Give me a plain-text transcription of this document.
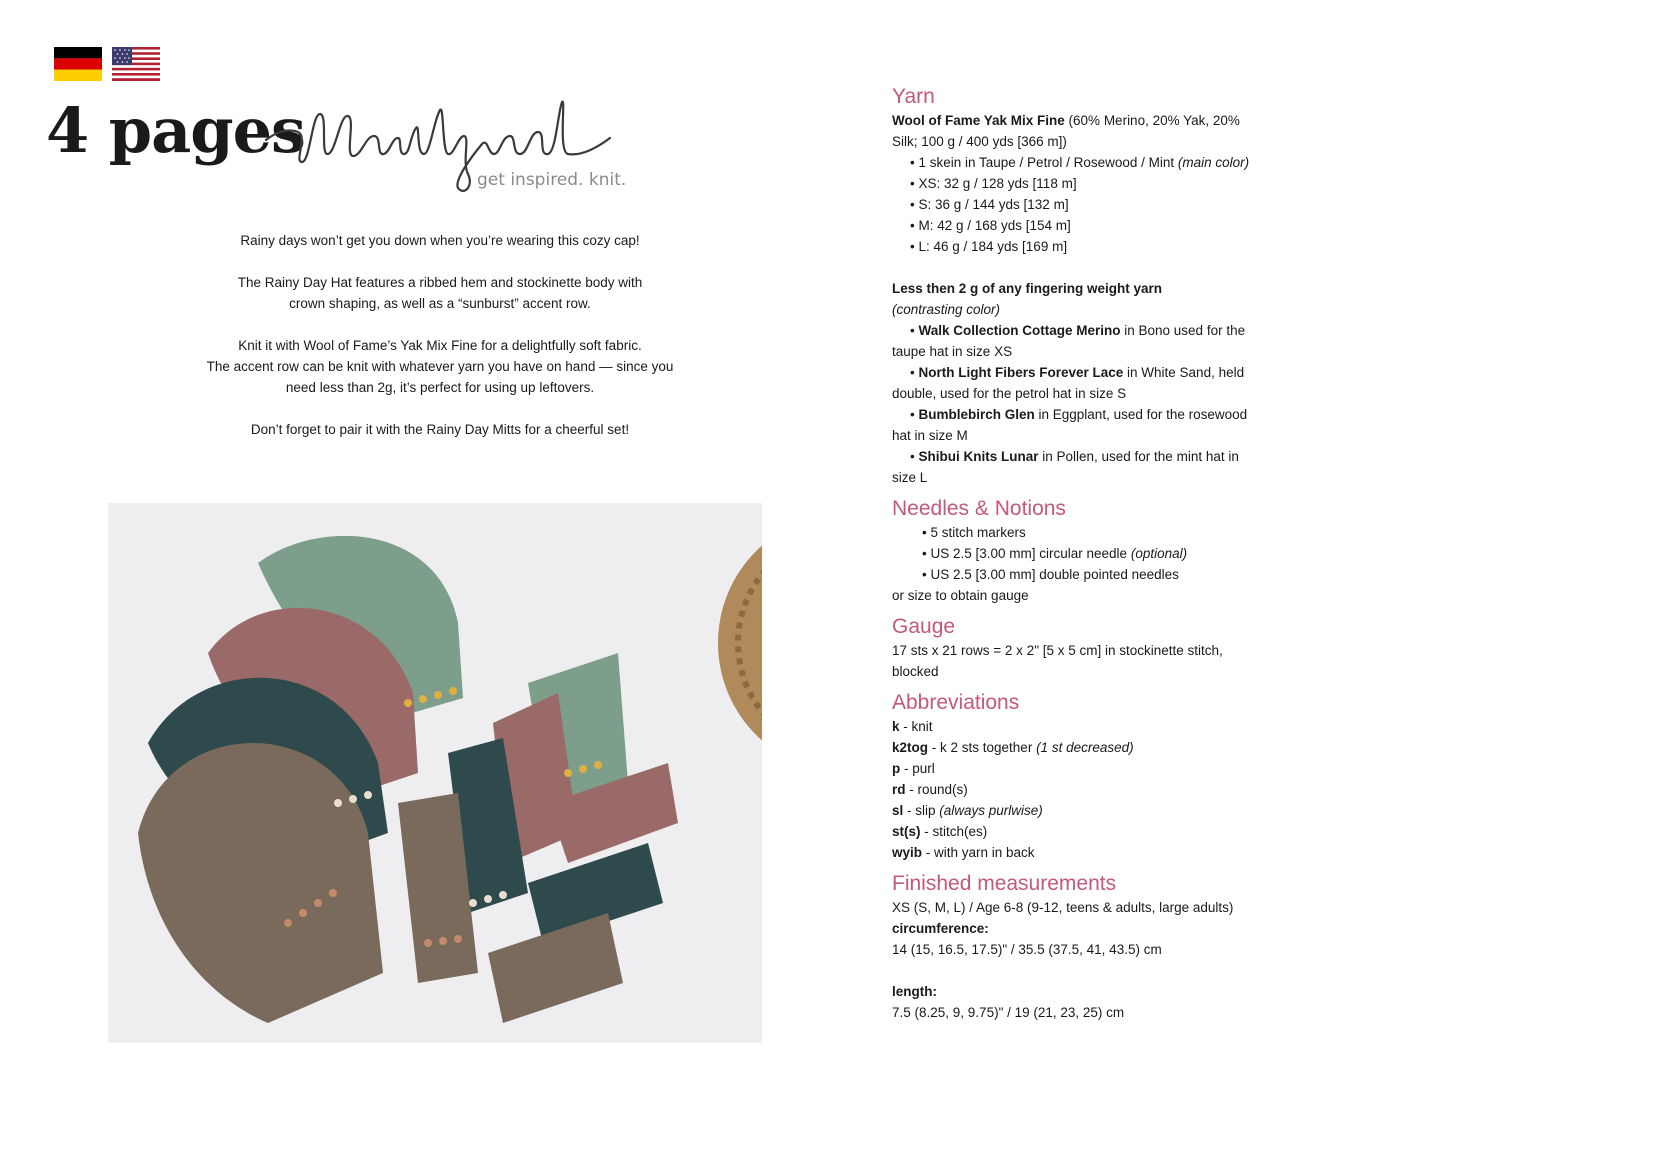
4 pages
get inspired. knit.

Rainy days won’t get you down when you’re wearing this cozy cap!

The Rainy Day Hat features a ribbed hem and stockinette body with
crown shaping, as well as a “sunburst” accent row.

Knit it with Wool of Fame’s Yak Mix Fine for a delightfully soft fabric.
The accent row can be knit with whatever yarn you have on hand — since you
need less than 2g, it’s perfect for using up leftovers.

Don’t forget to pair it with the Rainy Day Mitts for a cheerful set!

Yarn

Wool of Fame Yak Mix Fine (60% Merino, 20% Yak, 20% Silk; 100 g / 400 yds [366 m])

• 1 skein in Taupe / Petrol / Rosewood / Mint (main color)

• XS: 32 g / 128 yds [118 m]

• S: 36 g / 144 yds [132 m]

• M: 42 g / 168 yds [154 m]

• L: 46 g / 184 yds [169 m]

Less then 2 g of any fingering weight yarn

(contrasting color)

• Walk Collection Cottage Merino in Bono used for the taupe hat in size XS

• North Light Fibers Forever Lace in White Sand, held double, used for the petrol hat in size S

• Bumblebirch Glen in Eggplant, used for the rosewood hat in size M

• Shibui Knits Lunar in Pollen, used for the mint hat in size L

Needles & Notions

• 5 stitch markers

• US 2.5 [3.00 mm] circular needle (optional)

• US 2.5 [3.00 mm] double pointed needles

or size to obtain gauge

Gauge

17 sts x 21 rows = 2 x 2" [5 x 5 cm] in stockinette stitch, blocked

Abbreviations

k - knit

k2tog - k 2 sts together (1 st decreased)

p - purl

rd - round(s)

sl - slip (always purlwise)

st(s) - stitch(es)

wyib - with yarn in back

Finished measurements

XS (S, M, L) / Age 6-8 (9-12, teens & adults, large adults)

circumference:

14 (15, 16.5, 17.5)" / 35.5 (37.5, 41, 43.5) cm

length:

7.5 (8.25, 9, 9.75)" / 19 (21, 23, 25) cm
